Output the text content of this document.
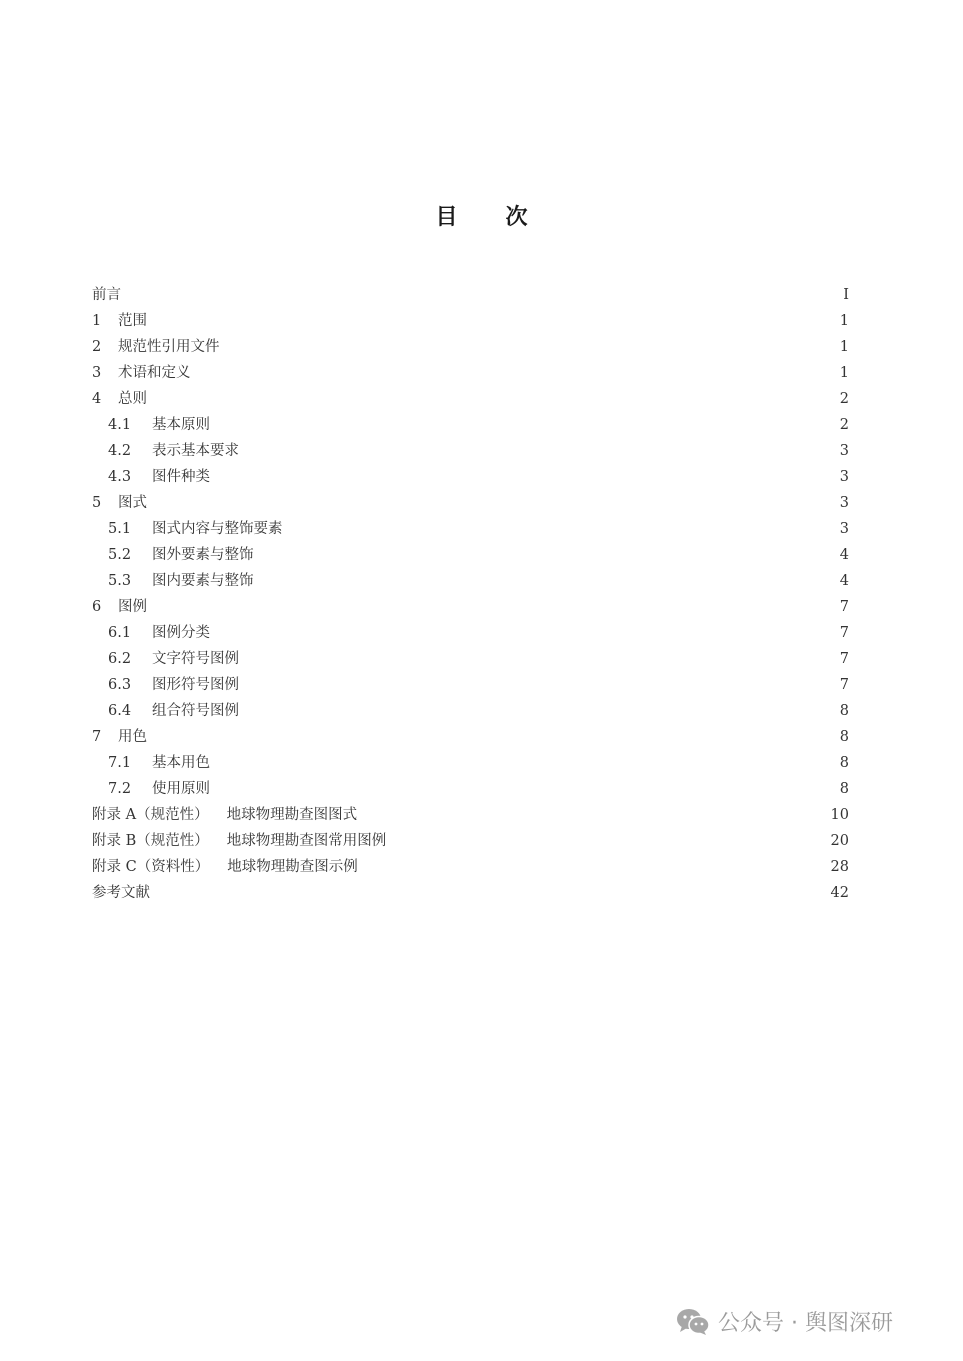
目 次
前言	I
1	范围	1
2	规范性引用文件	1
3	术语和定义	1
4	总则	2
4.1	基本原则	2
4.2	表示基本要求	3
4.3	图件种类	3
5	图式	3
5.1	图式内容与整饰要素	3
5.2	图外要素与整饰	4
5.3	图内要素与整饰	4
6	图例	7
6.1	图例分类	7
6.2	文字符号图例	7
6.3	图形符号图例	7
6.4	组合符号图例	8
7	用色	8
7.1	基本用色	8
7.2	使用原则	8
附录 A（规范性） 地球物理勘查图图式	10
附录 B（规范性） 地球物理勘查图常用图例	20
附录 C（资料性） 地球物理勘查图示例	28
参考文献	42
公众号 · 舆图深研
